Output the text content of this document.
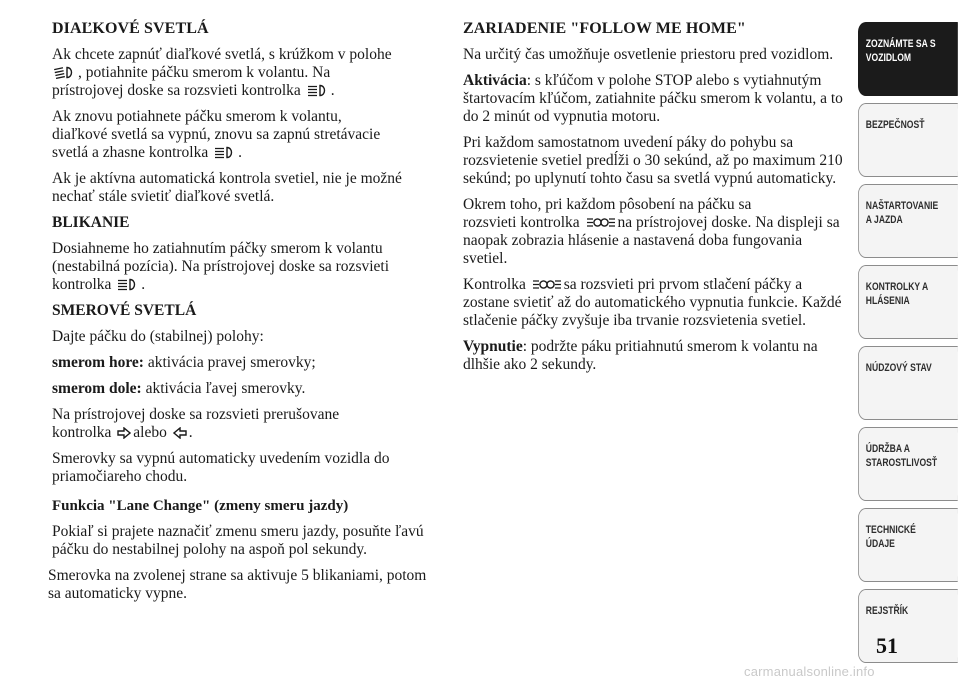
DIAĽKOVÉ SVETLÁ

Ak chcete zapnúť diaľkové svetlá, s krúžkom v polohe
, potiahnite páčku smerom k volantu. Na
prístrojovej doske sa rozsvieti kontrolka .

Ak znovu potiahnete páčku smerom k volantu,
diaľkové svetlá sa vypnú, znovu sa zapnú stretávacie
svetlá a zhasne kontrolka .

Ak je aktívna automatická kontrola svetiel, nie je možné nechať stále svietiť diaľkové svetlá.

BLIKANIE

Dosiahneme ho zatiahnutím páčky smerom k volantu (nestabilná pozícia). Na prístrojovej doske sa rozsvieti
kontrolka .

SMEROVÉ SVETLÁ

Dajte páčku do (stabilnej) polohy:

smerom hore: aktivácia pravej smerovky;

smerom dole: aktivácia ľavej smerovky.

Na prístrojovej doske sa rozsvieti prerušovane
kontrolka alebo .

Smerovky sa vypnú automaticky uvedením vozidla do priamočiareho chodu.

Funkcia "Lane Change" (zmeny smeru jazdy)

Pokiaľ si prajete naznačiť zmenu smeru jazdy, posuňte ľavú páčku do nestabilnej polohy na aspoň pol sekundy.

Smerovka na zvolenej strane sa aktivuje 5 blikaniami, potom sa automaticky vypne.

ZARIADENIE "FOLLOW ME HOME"

Na určitý čas umožňuje osvetlenie priestoru pred vozidlom.

Aktivácia: s kľúčom v polohe STOP alebo s vytiahnutým štartovacím kľúčom, zatiahnite páčku smerom k volantu, a to do 2 minút od vypnutia motoru.

Pri každom samostatnom uvedení páky do pohybu sa rozsvietenie svetiel predĺži o 30 sekúnd, až po maximum 210 sekúnd; po uplynutí tohto času sa svetlá vypnú automaticky.

Okrem toho, pri každom pôsobení na páčku sa
rozsvieti kontrolka na prístrojovej doske. Na displeji sa naopak zobrazia hlásenie a nastavená doba fungovania svetiel.

Kontrolka sa rozsvieti pri prvom stlačení páčky a zostane svietiť až do automatického vypnutia funkcie. Každé stlačenie páčky zvyšuje iba trvanie rozsvietenia svetiel.

Vypnutie: podržte páku pritiahnutú smerom k volantu na dlhšie ako 2 sekundy.

ZOZNÁMTE SA S
VOZIDLOM
BEZPEČNOSŤ
NAŠTARTOVANIE
A JAZDA
KONTROLKY A
HLÁSENIA
NÚDZOVÝ STAV
ÚDRŽBA A
STAROSTLIVOSŤ
TECHNICKÉ
ÚDAJE
REJSTŘÍK
51
carmanualsonline.info
